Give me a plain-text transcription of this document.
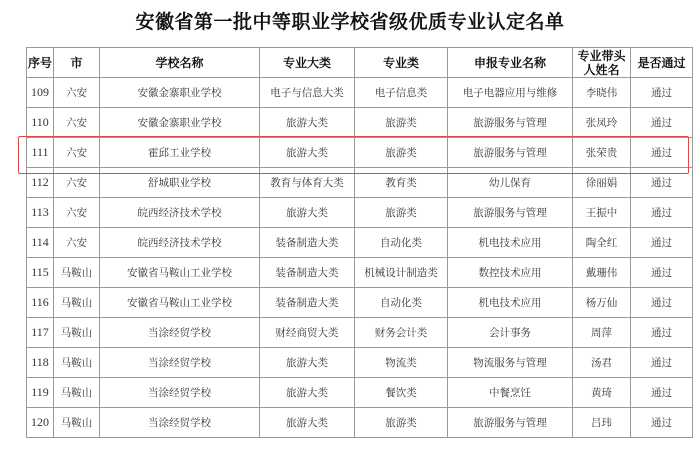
安徽省第一批中等职业学校省级优质专业认定名单
序号	市	学校名称	专业大类	专业类	申报专业名称	专业带头人姓名	是否通过
109	六安	安徽金寨职业学校	电子与信息大类	电子信息类	电子电器应用与维修	李晓伟	通过
110	六安	安徽金寨职业学校	旅游大类	旅游类	旅游服务与管理	张凤玲	通过
111	六安	霍邱工业学校	旅游大类	旅游类	旅游服务与管理	张荣贵	通过
112	六安	舒城职业学校	教育与体育大类	教育类	幼儿保育	徐丽娟	通过
113	六安	皖西经济技术学校	旅游大类	旅游类	旅游服务与管理	王振中	通过
114	六安	皖西经济技术学校	装备制造大类	自动化类	机电技术应用	陶全红	通过
115	马鞍山	安徽省马鞍山工业学校	装备制造大类	机械设计制造类	数控技术应用	戴珊伟	通过
116	马鞍山	安徽省马鞍山工业学校	装备制造大类	自动化类	机电技术应用	杨万仙	通过
117	马鞍山	当涂经贸学校	财经商贸大类	财务会计类	会计事务	周萍	通过
118	马鞍山	当涂经贸学校	旅游大类	物流类	物流服务与管理	汤君	通过
119	马鞍山	当涂经贸学校	旅游大类	餐饮类	中餐烹饪	黄琦	通过
120	马鞍山	当涂经贸学校	旅游大类	旅游类	旅游服务与管理	吕玮	通过
